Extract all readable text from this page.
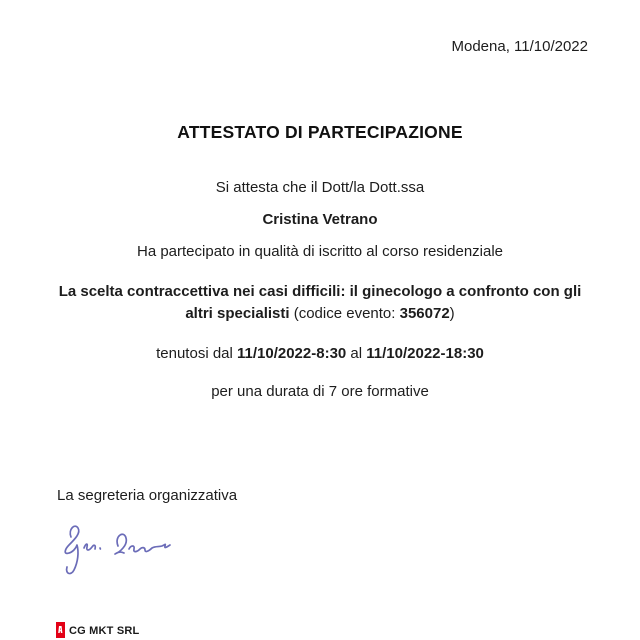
Modena, 11/10/2022
ATTESTATO DI PARTECIPAZIONE
Si attesta che il Dott/la Dott.ssa
Cristina Vetrano
Ha partecipato in qualità di iscritto al corso residenziale
La scelta contraccettiva nei casi difficili: il ginecologo a confronto con gli altri specialisti (codice evento: 356072)
tenutosi dal 11/10/2022-8:30 al 11/10/2022-18:30
per una durata di 7 ore formative
La segreteria organizzativa
CG MKT SRL
